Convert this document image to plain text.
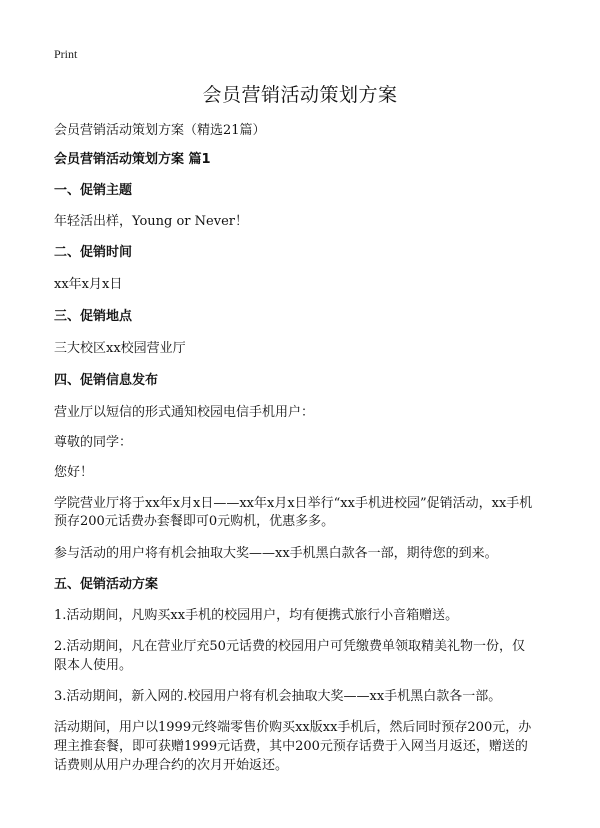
Print
会员营销活动策划方案
会员营销活动策划方案（精选21篇）
会员营销活动策划方案 篇1
一、促销主题
年轻活出样，Young or Never！
二、促销时间
xx年x月x日
三、促销地点
三大校区xx校园营业厅
四、促销信息发布
营业厅以短信的形式通知校园电信手机用户：
尊敬的同学：
您好！
学院营业厅将于xx年x月x日——xx年x月x日举行“xx手机进校园”促销活动，xx手机
预存200元话费办套餐即可0元购机，优惠多多。
参与活动的用户将有机会抽取大奖——xx手机黑白款各一部，期待您的到来。
五、促销活动方案
1.活动期间，凡购买xx手机的校园用户，均有便携式旅行小音箱赠送。
2.活动期间，凡在营业厅充50元话费的校园用户可凭缴费单领取精美礼物一份，仅
限本人使用。
3.活动期间，新入网的.校园用户将有机会抽取大奖——xx手机黑白款各一部。
活动期间，用户以1999元终端零售价购买xx版xx手机后，然后同时预存200元，办
理主推套餐，即可获赠1999元话费，其中200元预存话费于入网当月返还，赠送的
话费则从用户办理合约的次月开始返还。
